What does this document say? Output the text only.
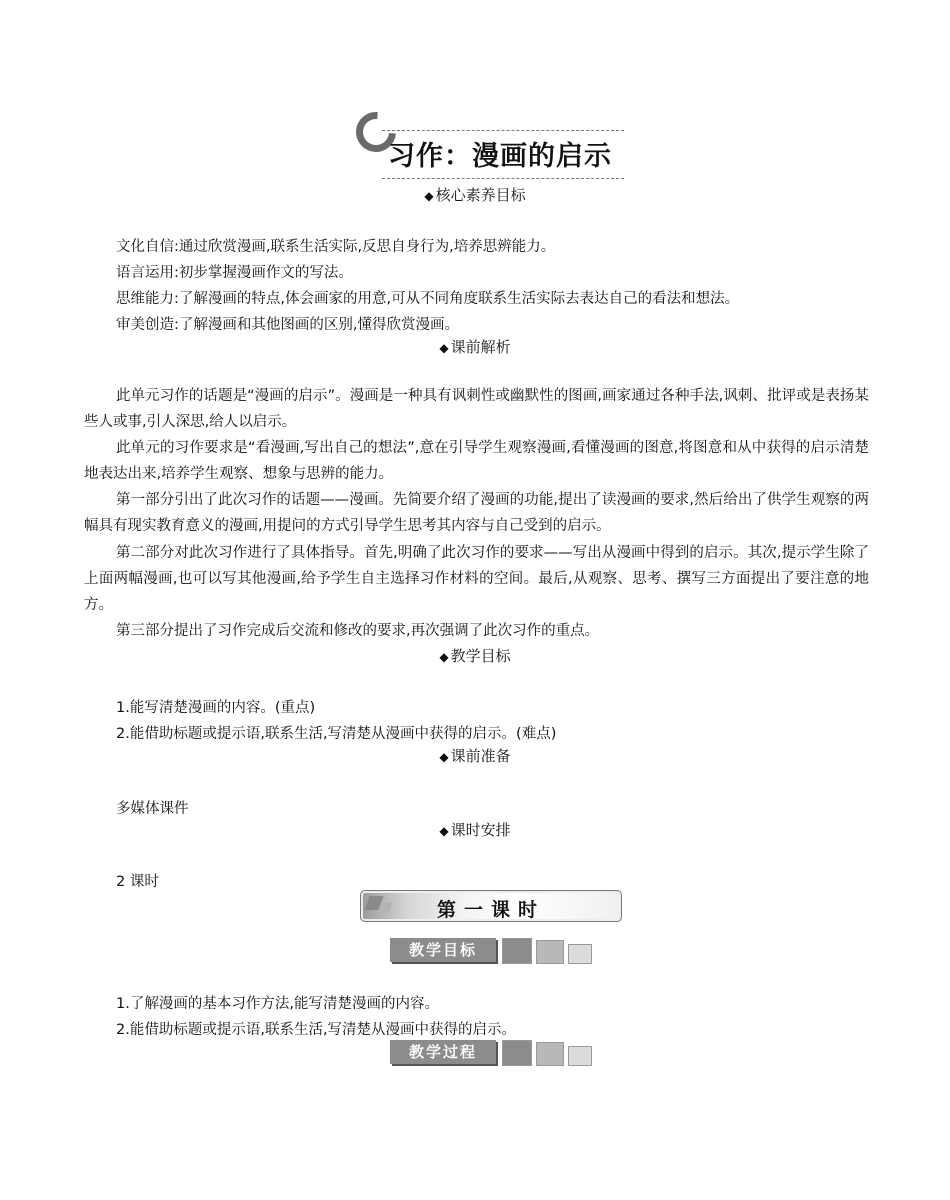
习作：漫画的启示
◆ 核心素养目标
文化自信:通过欣赏漫画,联系生活实际,反思自身行为,培养思辨能力。
语言运用:初步掌握漫画作文的写法。
思维能力:了解漫画的特点,体会画家的用意,可从不同角度联系生活实际去表达自己的看法和想法。
审美创造:了解漫画和其他图画的区别,懂得欣赏漫画。
◆ 课前解析
此单元习作的话题是“漫画的启示”。漫画是一种具有讽刺性或幽默性的图画,画家通过各种手法,讽刺、批评或是表扬某些人或事,引人深思,给人以启示。
此单元的习作要求是“看漫画,写出自己的想法”,意在引导学生观察漫画,看懂漫画的图意,将图意和从中获得的启示清楚地表达出来,培养学生观察、想象与思辨的能力。
第一部分引出了此次习作的话题——漫画。先简要介绍了漫画的功能,提出了读漫画的要求,然后给出了供学生观察的两幅具有现实教育意义的漫画,用提问的方式引导学生思考其内容与自己受到的启示。
第二部分对此次习作进行了具体指导。首先,明确了此次习作的要求——写出从漫画中得到的启示。其次,提示学生除了上面两幅漫画,也可以写其他漫画,给予学生自主选择习作材料的空间。最后,从观察、思考、撰写三方面提出了要注意的地方。
第三部分提出了习作完成后交流和修改的要求,再次强调了此次习作的重点。
◆ 教学目标
1.能写清楚漫画的内容。(重点)
2.能借助标题或提示语,联系生活,写清楚从漫画中获得的启示。(难点)
◆ 课前准备
多媒体课件
◆ 课时安排
2 课时
第一课时
教学目标
1.了解漫画的基本习作方法,能写清楚漫画的内容。
2.能借助标题或提示语,联系生活,写清楚从漫画中获得的启示。
教学过程
